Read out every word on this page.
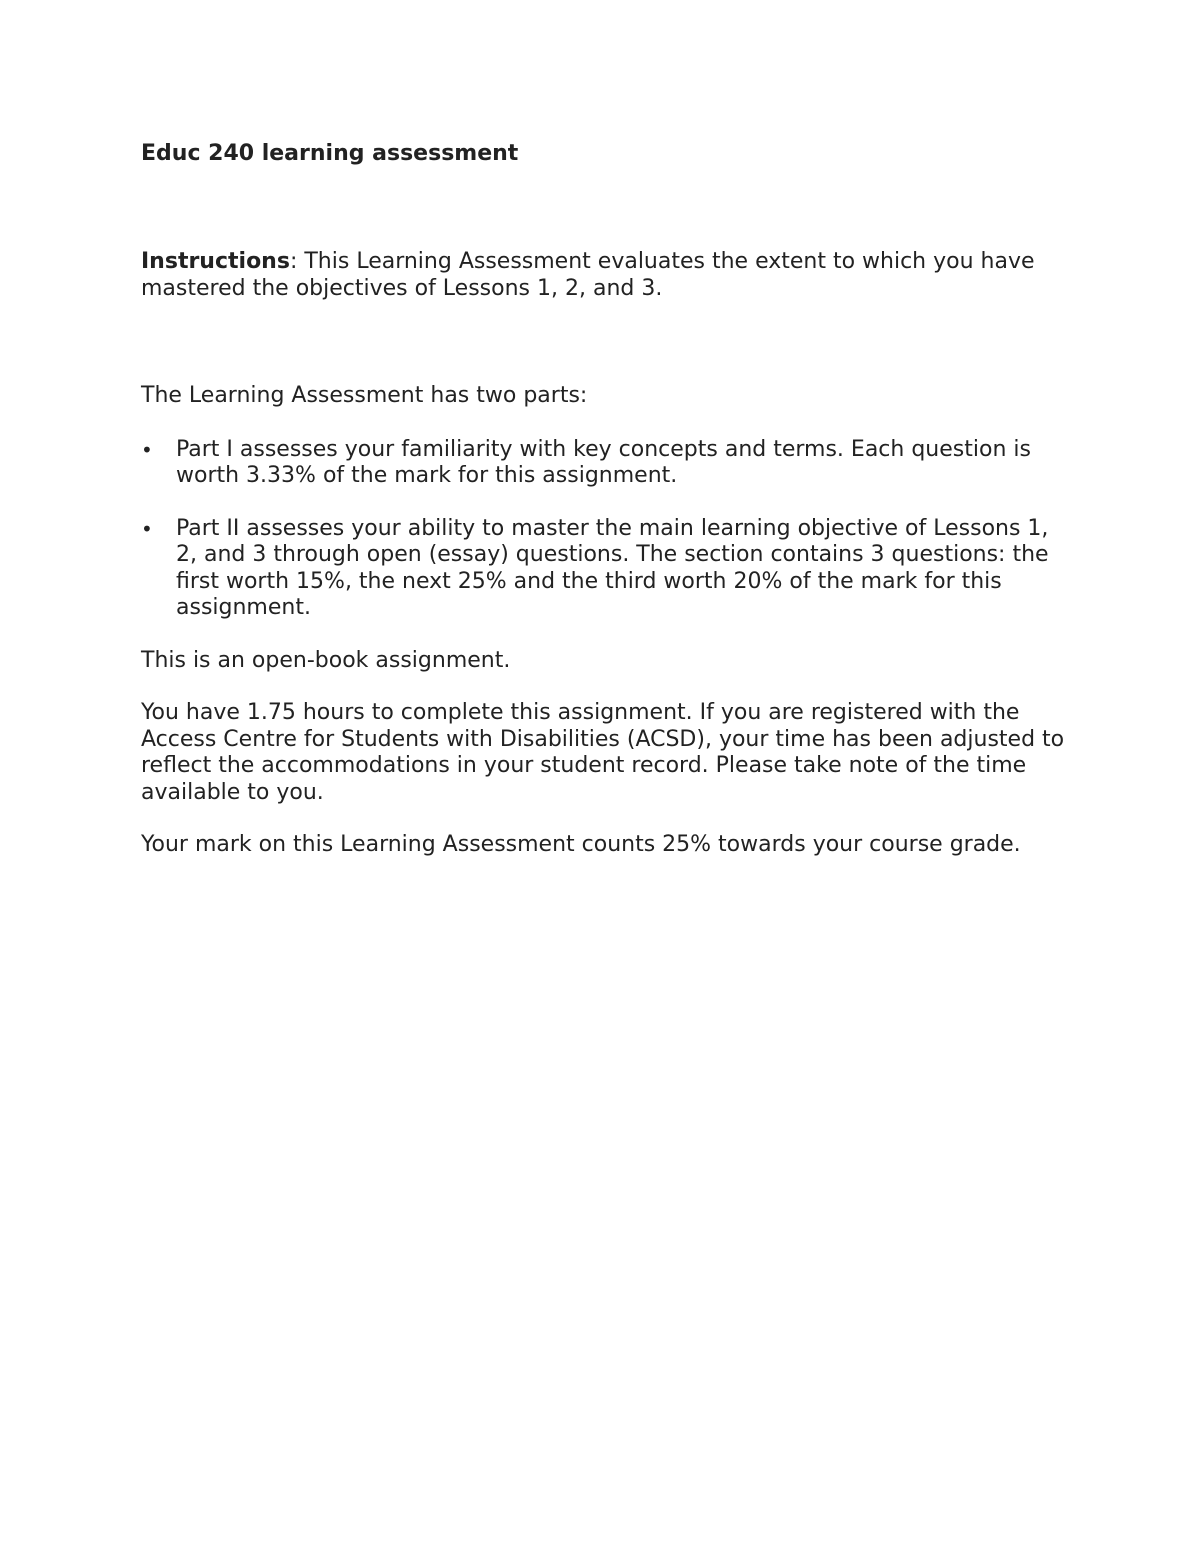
Educ 240 learning assessment

Instructions: This Learning Assessment evaluates the extent to which you have mastered the objectives of Lessons 1, 2, and 3.

The Learning Assessment has two parts:

•	Part I assesses your familiarity with key concepts and terms. Each question is worth 3.33% of the mark for this assignment.
•	Part II assesses your ability to master the main learning objective of Lessons 1, 2, and 3 through open (essay) questions. The section contains 3 questions: the first worth 15%, the next 25% and the third worth 20% of the mark for this assignment.

This is an open-book assignment.

You have 1.75 hours to complete this assignment. If you are registered with the Access Centre for Students with Disabilities (ACSD), your time has been adjusted to reflect the accommodations in your student record. Please take note of the time available to you.

Your mark on this Learning Assessment counts 25% towards your course grade.
